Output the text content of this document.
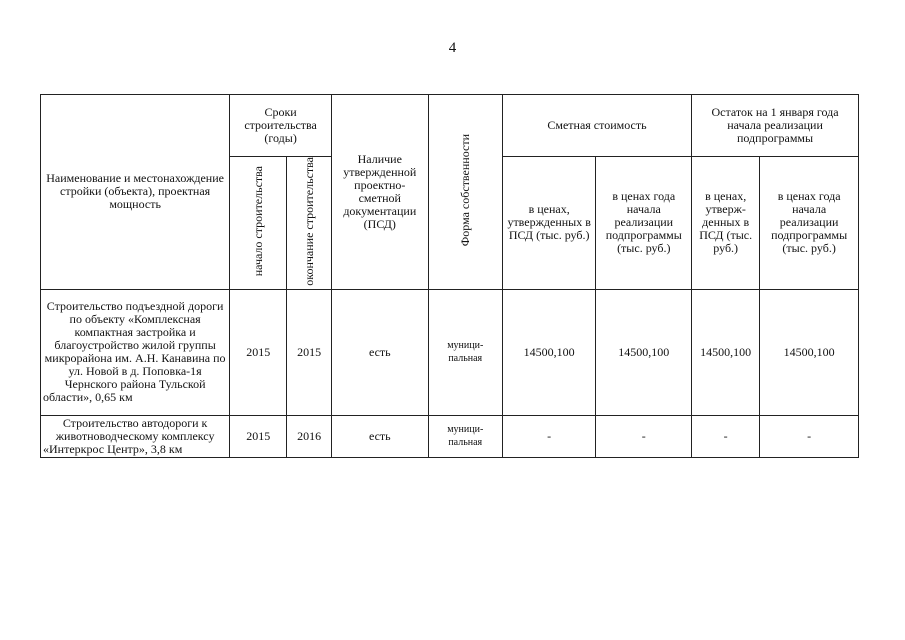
4
Наименование и местонахождение стройки (объекта), проектная мощность	Сроки строительства (годы)		Наличие утвержденной проектно-сметной документации (ПСД)	Форма собственности	Сметная стоимость		Остаток на 1 января года начала реализации подпрограммы	
	начало строительства	окончание строительства			в ценах, утвержденных в ПСД (тыс. руб.)	в ценах года начала реализации подпрограммы (тыс. руб.)	в ценах, утверж-денных в ПСД (тыс. руб.)	в ценах года начала реализации подпрограммы (тыс. руб.)
Строительство подъездной дороги по объекту «Комплексная компактная застройка и благоустройство жилой группы микрорайона им. А.Н. Канавина по ул. Новой в д. Поповка-1я Чернского района Тульской области», 0,65 км	2015	2015	есть	муници-пальная	14500,100	14500,100	14500,100	14500,100
Строительство автодороги к животноводческому комплексу «Интеркрос Центр», 3,8 км	2015	2016	есть	муници-пальная	-	-	-	-
